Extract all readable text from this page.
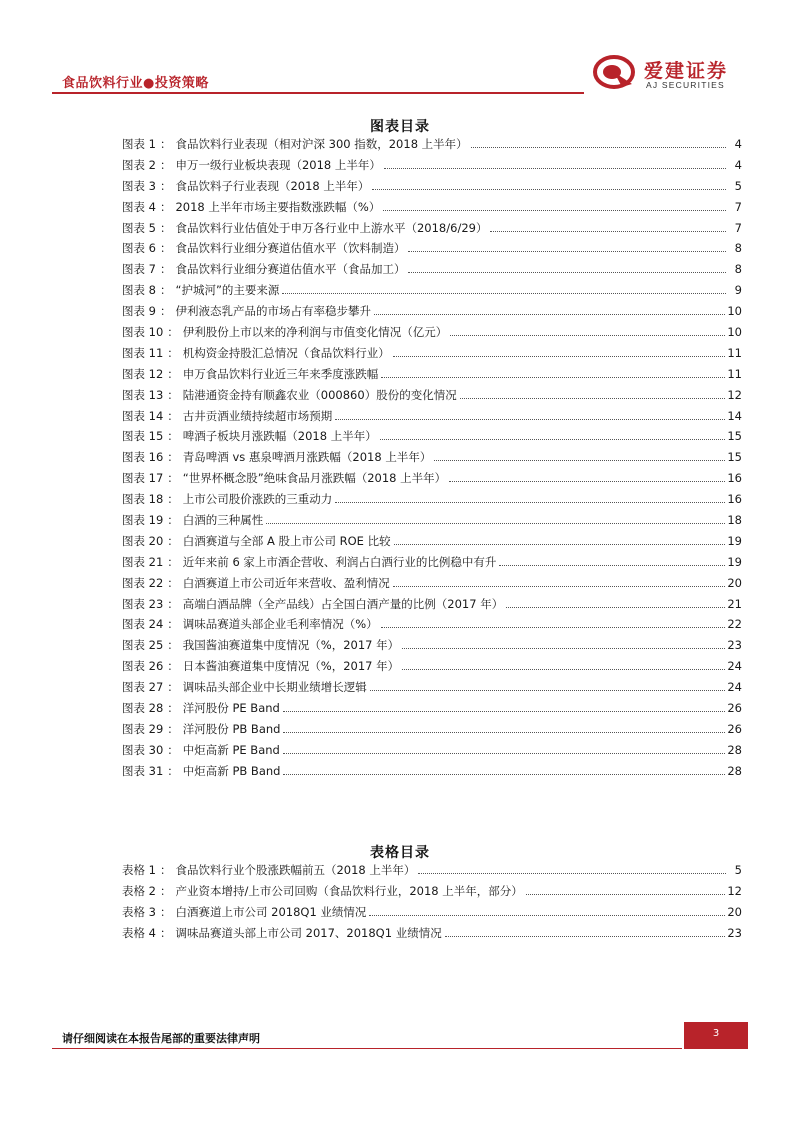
食品饮料行业●投资策略
爱建证券
AJ SECURITIES
图表目录
图表 1 ： 食品饮料行业表现（相对沪深 300 指数，2018 上半年）	4
图表 2 ： 申万一级行业板块表现（2018 上半年）	4
图表 3 ： 食品饮料子行业表现（2018 上半年）	5
图表 4 ： 2018 上半年市场主要指数涨跌幅（%）	7
图表 5 ： 食品饮料行业估值处于申万各行业中上游水平（2018/6/29）	7
图表 6 ： 食品饮料行业细分赛道估值水平（饮料制造）	8
图表 7 ： 食品饮料行业细分赛道估值水平（食品加工）	8
图表 8 ： “护城河”的主要来源	9
图表 9 ： 伊利液态乳产品的市场占有率稳步攀升	10
图表 10 ： 伊利股份上市以来的净利润与市值变化情况（亿元）	10
图表 11 ： 机构资金持股汇总情况（食品饮料行业）	11
图表 12 ： 申万食品饮料行业近三年来季度涨跌幅	11
图表 13 ： 陆港通资金持有顺鑫农业（000860）股份的变化情况	12
图表 14 ： 古井贡酒业绩持续超市场预期	14
图表 15 ： 啤酒子板块月涨跌幅（2018 上半年）	15
图表 16 ： 青岛啤酒 vs 惠泉啤酒月涨跌幅（2018 上半年）	15
图表 17 ： “世界杯概念股”绝味食品月涨跌幅（2018 上半年）	16
图表 18 ： 上市公司股价涨跌的三重动力	16
图表 19 ： 白酒的三种属性	18
图表 20 ： 白酒赛道与全部 A 股上市公司 ROE 比较	19
图表 21 ： 近年来前 6 家上市酒企营收、利润占白酒行业的比例稳中有升	19
图表 22 ： 白酒赛道上市公司近年来营收、盈利情况	20
图表 23 ： 高端白酒品牌（全产品线）占全国白酒产量的比例（2017 年）	21
图表 24 ： 调味品赛道头部企业毛利率情况（%）	22
图表 25 ： 我国酱油赛道集中度情况（%，2017 年）	23
图表 26 ： 日本酱油赛道集中度情况（%，2017 年）	24
图表 27 ： 调味品头部企业中长期业绩增长逻辑	24
图表 28 ： 洋河股份 PE Band	26
图表 29 ： 洋河股份 PB Band	26
图表 30 ： 中炬高新 PE Band	28
图表 31 ： 中炬高新 PB Band	28
表格目录
表格 1 ： 食品饮料行业个股涨跌幅前五（2018 上半年）	5
表格 2 ： 产业资本增持/上市公司回购（食品饮料行业，2018 上半年，部分）	12
表格 3 ： 白酒赛道上市公司 2018Q1 业绩情况	20
表格 4 ： 调味品赛道头部上市公司 2017、2018Q1 业绩情况	23
请仔细阅读在本报告尾部的重要法律声明	3
